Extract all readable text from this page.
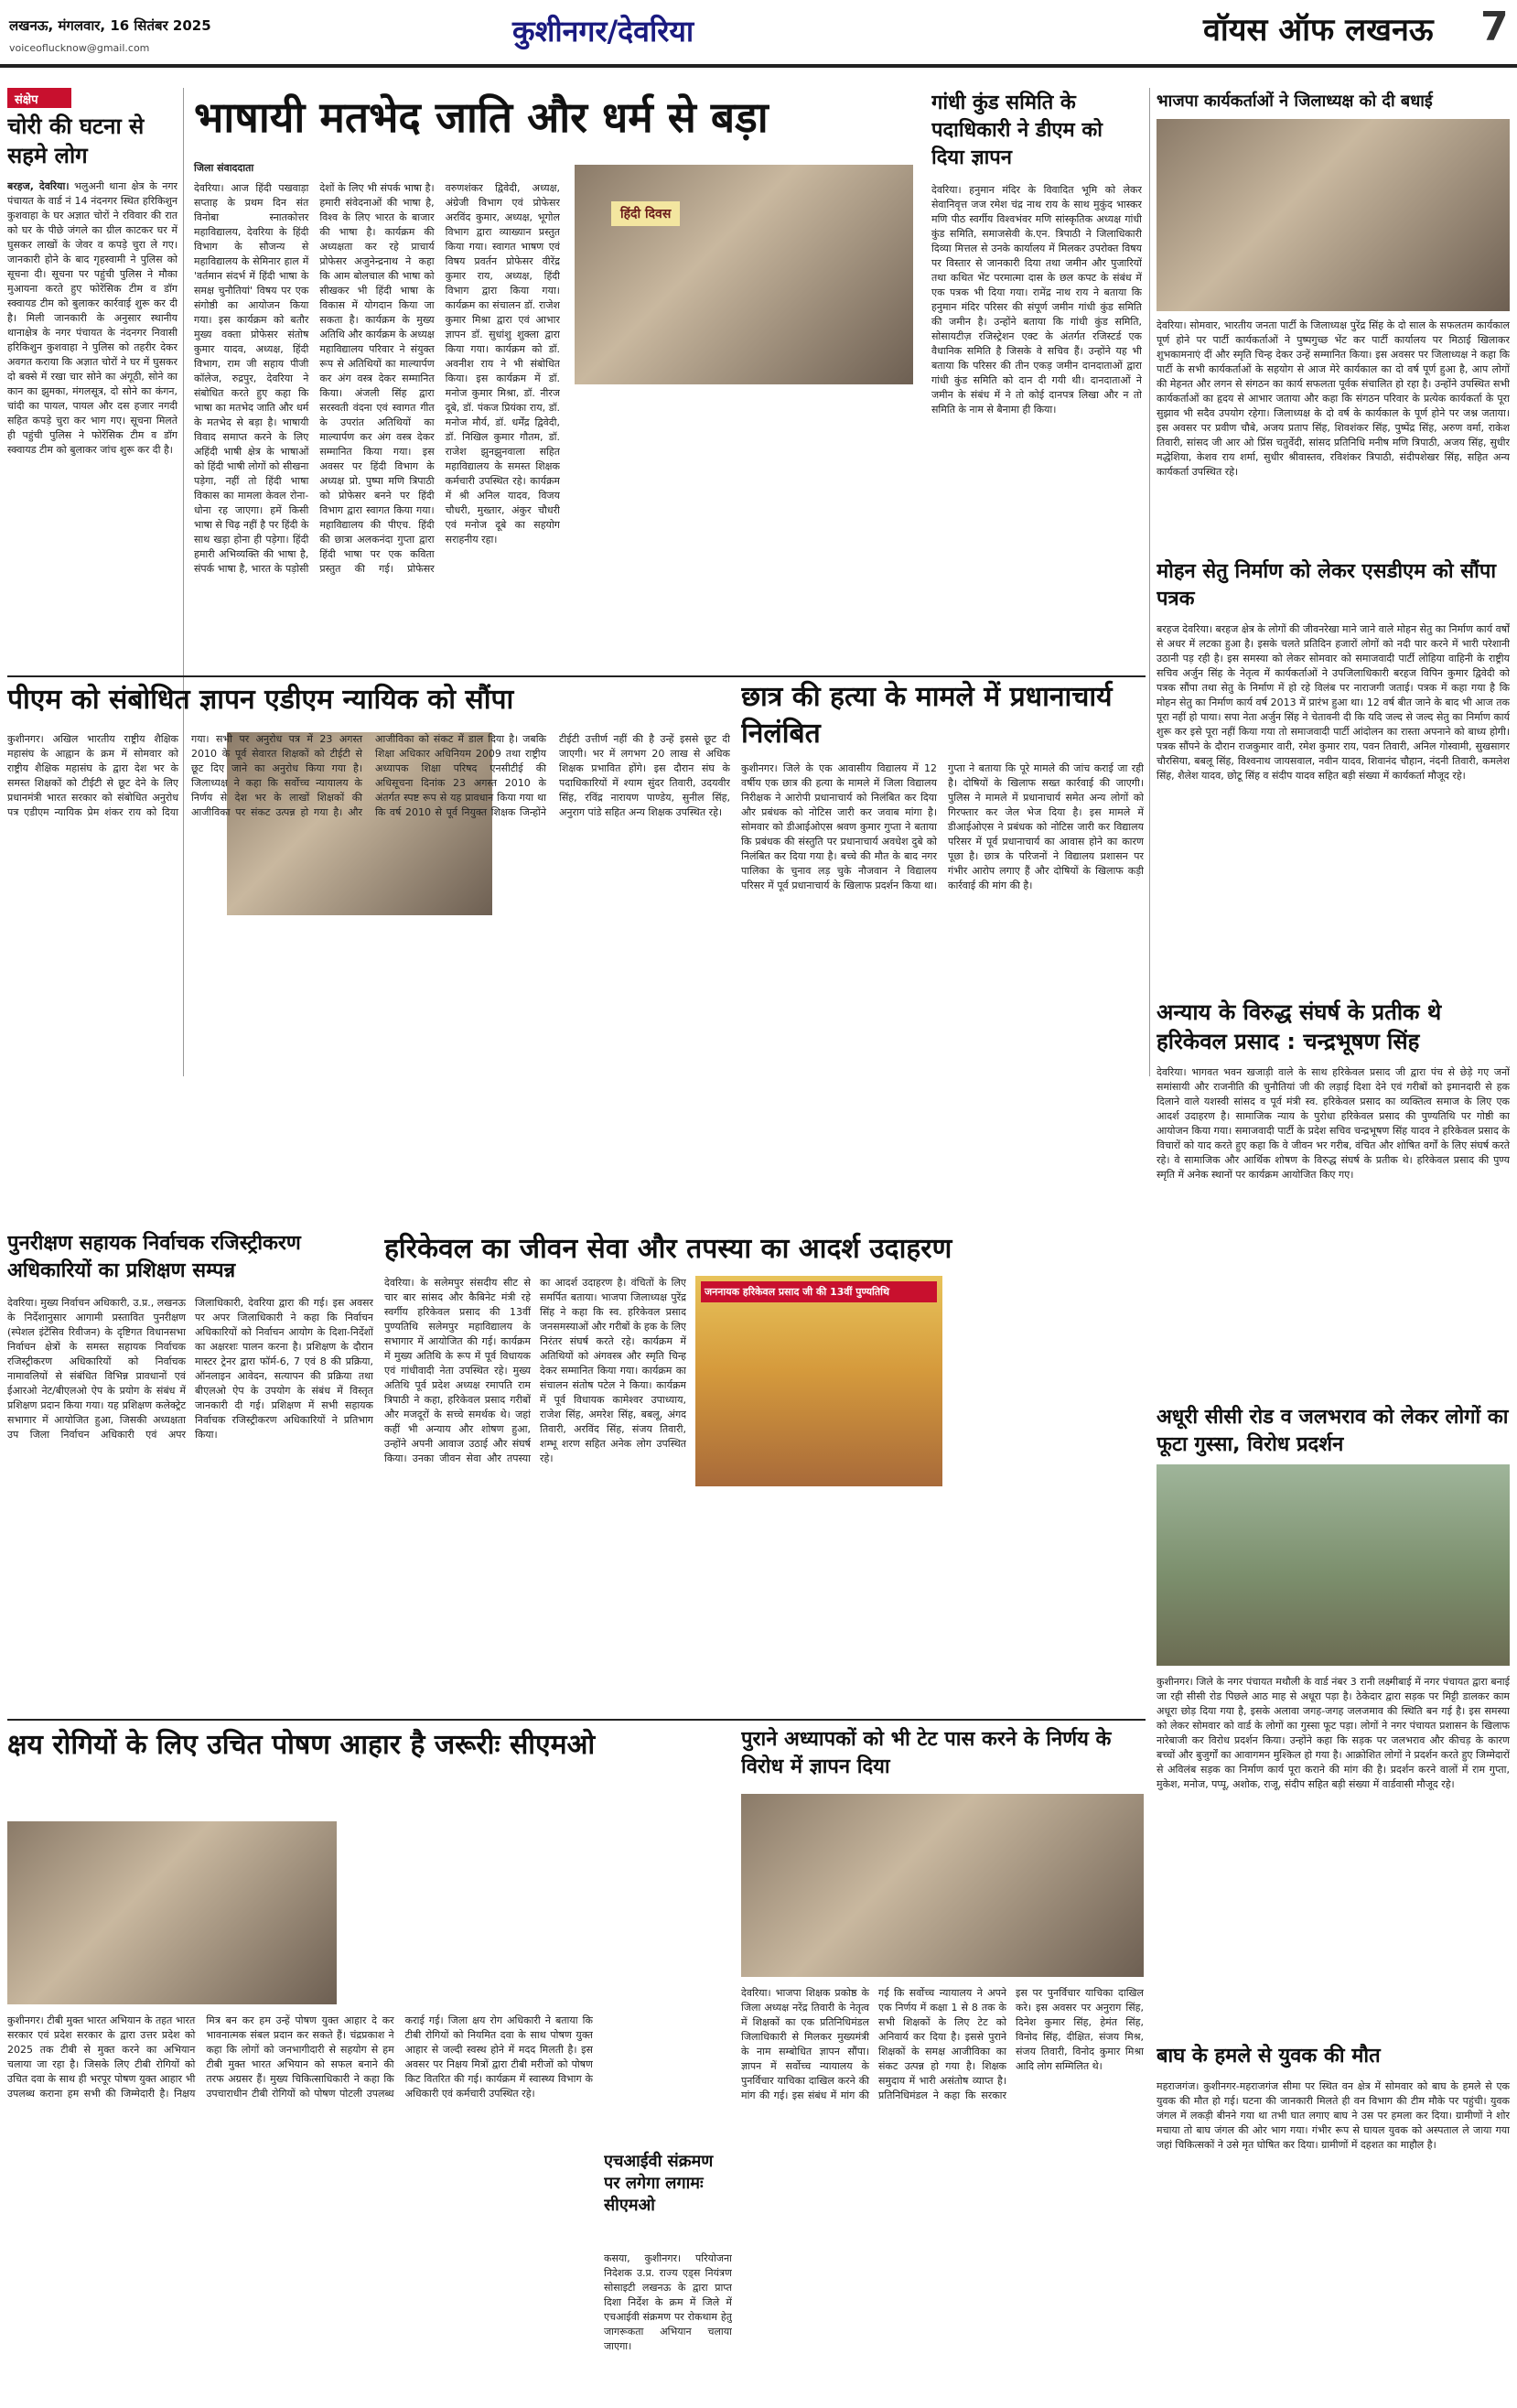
लखनऊ, मंगलवार, 16 सितंबर 2025
voiceoflucknow@gmail.com	कुशीनगर/देवरिया	वॉयस ऑफ लखनऊ 7
संक्षेप
चोरी की घटना से सहमे लोग
बरहज, देवरिया। भलुअनी थाना क्षेत्र के नगर पंचायत के वार्ड नं 14 नंदनगर स्थित हरिकिशुन कुशवाहा के घर अज्ञात चोरों ने रविवार की रात को घर के पीछे जंगले का ग्रील काटकर घर में घुसकर लाखों के जेवर व कपड़े चुरा ले गए। जानकारी होने के बाद गृहस्वामी ने पुलिस को सूचना दी। सूचना पर पहुंची पुलिस ने मौका मुआयना करते हुए फोरेंसिक टीम व डॉग स्क्वायड टीम को बुलाकर कार्रवाई शुरू कर दी है। मिली जानकारी के अनुसार स्थानीय थानाक्षेत्र के नगर पंचायत के नंदनगर निवासी हरिकिशुन कुशवाहा ने पुलिस को तहरीर देकर अवगत कराया कि अज्ञात चोरों ने घर में घुसकर दो बक्से में रखा चार सोने का अंगूठी, सोने का कान का झुमका, मंगलसूत्र, दो सोने का कंगन, चांदी का पायल, पायल और दस हजार नगदी सहित कपड़े चुरा कर भाग गए। सूचना मिलते ही पहुंची पुलिस ने फोरेंसिक टीम व डॉग स्क्वायड टीम को बुलाकर जांच शुरू कर दी है।
भाषायी मतभेद जाति और धर्म से बड़ा
जिला संवाददाता
देवरिया। आज हिंदी पखवाड़ा सप्ताह के प्रथम दिन संत विनोबा स्नातकोत्तर महाविद्यालय, देवरिया के हिंदी विभाग के सौजन्य से महाविद्यालय के सेमिनार हाल में 'वर्तमान संदर्भ में हिंदी भाषा के समक्ष चुनौतियां' विषय पर एक संगोष्ठी का आयोजन किया गया। इस कार्यक्रम को बतौर मुख्य वक्ता प्रोफेसर संतोष कुमार यादव, अध्यक्ष, हिंदी विभाग, राम जी सहाय पीजी कॉलेज, रुद्रपुर, देवरिया ने संबोधित करते हुए कहा कि भाषा का मतभेद जाति और धर्म के मतभेद से बड़ा है। भाषायी विवाद समाप्त करने के लिए अहिंदी भाषी क्षेत्र के भाषाओं को हिंदी भाषी लोगों को सीखना पड़ेगा, नहीं तो हिंदी भाषा विकास का मामला केवल रोना-धोना रह जाएगा। हमें किसी भाषा से चिढ़ नहीं है पर हिंदी के साथ खड़ा होना ही पड़ेगा। हिंदी हमारी अभिव्यक्ति की भाषा है, संपर्क भाषा है, भारत के पड़ोसी देशों के लिए भी संपर्क भाषा है। हमारी संवेदनाओं की भाषा है, विश्व के लिए भारत के बाजार की भाषा है। कार्यक्रम की अध्यक्षता कर रहे प्राचार्य प्रोफेसर अजुनेन्द्रनाथ ने कहा कि आम बोलचाल की भाषा को सीखकर भी हिंदी भाषा के विकास में योगदान किया जा सकता है। कार्यक्रम के मुख्य अतिथि और कार्यक्रम के अध्यक्ष महाविद्यालय परिवार ने संयुक्त रूप से अतिथियों का माल्यार्पण कर अंग वस्त्र देकर सम्मानित किया। अंजली सिंह द्वारा सरस्वती वंदना एवं स्वागत गीत के उपरांत अतिथियों का माल्यार्पण कर अंग वस्त्र देकर सम्मानित किया गया। इस अवसर पर हिंदी विभाग के अध्यक्ष प्रो. पुष्पा मणि त्रिपाठी को प्रोफेसर बनने पर हिंदी विभाग द्वारा स्वागत किया गया। महाविद्यालय की पीएच. हिंदी की छात्रा अलकनंदा गुप्ता द्वारा हिंदी भाषा पर एक कविता प्रस्तुत की गई। प्रोफेसर वरुणशंकर द्विवेदी, अध्यक्ष, अंग्रेजी विभाग एवं प्रोफेसर अरविंद कुमार, अध्यक्ष, भूगोल विभाग द्वारा व्याख्यान प्रस्तुत किया गया। स्वागत भाषण एवं विषय प्रवर्तन प्रोफेसर वीरेंद्र कुमार राय, अध्यक्ष, हिंदी विभाग द्वारा किया गया। कार्यक्रम का संचालन डॉ. राजेश कुमार मिश्रा द्वारा एवं आभार ज्ञापन डॉ. सुधांशु शुक्ला द्वारा किया गया। कार्यक्रम को डॉ. अवनीश राय ने भी संबोधित किया। इस कार्यक्रम में डॉ. मनोज कुमार मिश्रा, डॉ. नीरज दूबे, डॉ. पंकज प्रियंका राय, डॉ. मनोज मौर्य, डॉ. धर्मेंद्र द्विवेदी, डॉ. निखिल कुमार गौतम, डॉ. राजेश झुनझुनवाला सहित महाविद्यालय के समस्त शिक्षक कर्मचारी उपस्थित रहे। कार्यक्रम में श्री अनिल यादव, विजय चौधरी, मुख्तार, अंकुर चौधरी एवं मनोज दूबे का सहयोग सराहनीय रहा।
हिंदी दिवस
गांधी कुंड समिति के पदाधिकारी ने डीएम को दिया ज्ञापन
देवरिया। हनुमान मंदिर के विवादित भूमि को लेकर सेवानिवृत्त जज रमेश चंद्र नाथ राय के साथ मुकुंद भास्कर मणि पीठ स्वर्गीय विश्वभंवर मणि सांस्कृतिक अध्यक्ष गांधी कुंड समिति, समाजसेवी के.एन. त्रिपाठी ने जिलाधिकारी दिव्या मित्तल से उनके कार्यालय में मिलकर उपरोक्त विषय पर विस्तार से जानकारी दिया तथा जमीन और पुजारियों तथा कथित भेंट परमात्मा दास के छल कपट के संबंध में एक पत्रक भी दिया गया। रामेंद्र नाथ राय ने बताया कि हनुमान मंदिर परिसर की संपूर्ण जमीन गांधी कुंड समिति की जमीन है। उन्होंने बताया कि गांधी कुंड समिति, सोसायटीज़ रजिस्ट्रेशन एक्ट के अंतर्गत रजिस्टर्ड एक वैधानिक समिति है जिसके वे सचिव हैं। उन्होंने यह भी बताया कि परिसर की तीन एकड़ जमीन दानदाताओं द्वारा गांधी कुंड समिति को दान दी गयी थी। दानदाताओं ने जमीन के संबंध में ने तो कोई दानपत्र लिखा और न तो समिति के नाम से बैनामा ही किया।
भाजपा कार्यकर्ताओं ने जिलाध्यक्ष को दी बधाई
देवरिया। सोमवार, भारतीय जनता पार्टी के जिलाध्यक्ष पुरेंद्र सिंह के दो साल के सफलतम कार्यकाल पूर्ण होने पर पार्टी कार्यकर्ताओं ने पुष्पगुच्छ भेंट कर पार्टी कार्यालय पर मिठाई खिलाकर शुभकामनाएं दीं और स्मृति चिन्ह देकर उन्हें सम्मानित किया। इस अवसर पर जिलाध्यक्ष ने कहा कि पार्टी के सभी कार्यकर्ताओं के सहयोग से आज मेरे कार्यकाल का दो वर्ष पूर्ण हुआ है, आप लोगों की मेहनत और लगन से संगठन का कार्य सफलता पूर्वक संचालित हो रहा है। उन्होंने उपस्थित सभी कार्यकर्ताओं का हृदय से आभार जताया और कहा कि संगठन परिवार के प्रत्येक कार्यकर्ता के पूरा सुझाव भी सदैव उपयोग रहेगा। जिलाध्यक्ष के दो वर्ष के कार्यकाल के पूर्ण होने पर जश्न जताया। इस अवसर पर प्रवीण चौबे, अजय प्रताप सिंह, शिवशंकर सिंह, पुष्पेंद्र सिंह, अरुण वर्मा, राकेश तिवारी, सांसद जी आर ओ प्रिंस चतुर्वेदी, सांसद प्रतिनिधि मनीष मणि त्रिपाठी, अजय सिंह, सुधीर मद्धेशिया, केशव राय शर्मा, सुधीर श्रीवास्तव, रविशंकर त्रिपाठी, संदीपशेखर सिंह, सहित अन्य कार्यकर्ता उपस्थित रहे।
मोहन सेतु निर्माण को लेकर एसडीएम को सौंपा पत्रक
बरहज देवरिया। बरहज क्षेत्र के लोगों की जीवनरेखा माने जाने वाले मोहन सेतु का निर्माण कार्य वर्षों से अधर में लटका हुआ है। इसके चलते प्रतिदिन हजारों लोगों को नदी पार करने में भारी परेशानी उठानी पड़ रही है। इस समस्या को लेकर सोमवार को समाजवादी पार्टी लोहिया वाहिनी के राष्ट्रीय सचिव अर्जुन सिंह के नेतृत्व में कार्यकर्ताओं ने उपजिलाधिकारी बरहज विपिन कुमार द्विवेदी को पत्रक सौंपा तथा सेतु के निर्माण में हो रहे विलंब पर नाराजगी जताई। पत्रक में कहा गया है कि मोहन सेतु का निर्माण कार्य वर्ष 2013 में प्रारंभ हुआ था। 12 वर्ष बीत जाने के बाद भी आज तक पूरा नहीं हो पाया। सपा नेता अर्जुन सिंह ने चेतावनी दी कि यदि जल्द से जल्द सेतु का निर्माण कार्य शुरू कर इसे पूरा नहीं किया गया तो समाजवादी पार्टी आंदोलन का रास्ता अपनाने को बाध्य होगी। पत्रक सौंपने के दौरान राजकुमार वारी, रमेश कुमार राय, पवन तिवारी, अनिल गोस्वामी, सुखसागर चौरसिया, बबलू सिंह, विश्वनाथ जायसवाल, नवीन यादव, शिवानंद चौहान, नंदनी तिवारी, कमलेश सिंह, शैलेश यादव, छोटू सिंह व संदीप यादव सहित बड़ी संख्या में कार्यकर्ता मौजूद रहे।
अन्याय के विरुद्ध संघर्ष के प्रतीक थे हरिकेवल प्रसाद : चन्द्रभूषण सिंह
देवरिया। भागवत भवन खजाड़ी वाले के साथ हरिकेवल प्रसाद जी द्वारा पंच से छेड़े गए जनों समांसायी और राजनीति की चुनौतियां जी की लड़ाई दिशा देने एवं गरीबों को इमानदारी से हक दिलाने वाले यशस्वी सांसद व पूर्व मंत्री स्व. हरिकेवल प्रसाद का व्यक्तित्व समाज के लिए एक आदर्श उदाहरण है। सामाजिक न्याय के पुरोधा हरिकेवल प्रसाद की पुण्यतिथि पर गोष्ठी का आयोजन किया गया। समाजवादी पार्टी के प्रदेश सचिव चन्द्रभूषण सिंह यादव ने हरिकेवल प्रसाद के विचारों को याद करते हुए कहा कि वे जीवन भर गरीब, वंचित और शोषित वर्गों के लिए संघर्ष करते रहे। वे सामाजिक और आर्थिक शोषण के विरुद्ध संघर्ष के प्रतीक थे। हरिकेवल प्रसाद की पुण्य स्मृति में अनेक स्थानों पर कार्यक्रम आयोजित किए गए।
अधूरी सीसी रोड व जलभराव को लेकर लोगों का फूटा गुस्सा, विरोध प्रदर्शन
कुशीनगर। जिले के नगर पंचायत मथौली के वार्ड नंबर 3 रानी लक्ष्मीबाई में नगर पंचायत द्वारा बनाई जा रही सीसी रोड पिछले आठ माह से अधूरा पड़ा है। ठेकेदार द्वारा सड़क पर मिट्टी डालकर काम अधूरा छोड़ दिया गया है, इसके अलावा जगह-जगह जलजमाव की स्थिति बन गई है। इस समस्या को लेकर सोमवार को वार्ड के लोगों का गुस्सा फूट पड़ा। लोगों ने नगर पंचायत प्रशासन के खिलाफ नारेबाजी कर विरोध प्रदर्शन किया। उन्होंने कहा कि सड़क पर जलभराव और कीचड़ के कारण बच्चों और बुजुर्गों का आवागमन मुश्किल हो गया है। आक्रोशित लोगों ने प्रदर्शन करते हुए जिम्मेदारों से अविलंब सड़क का निर्माण कार्य पूरा कराने की मांग की है। प्रदर्शन करने वालों में राम गुप्ता, मुकेश, मनोज, पप्पू, अशोक, राजू, संदीप सहित बड़ी संख्या में वार्डवासी मौजूद रहे।
बाघ के हमले से युवक की मौत
महराजगंज। कुशीनगर-महराजगंज सीमा पर स्थित वन क्षेत्र में सोमवार को बाघ के हमले से एक युवक की मौत हो गई। घटना की जानकारी मिलते ही वन विभाग की टीम मौके पर पहुंची। युवक जंगल में लकड़ी बीनने गया था तभी घात लगाए बाघ ने उस पर हमला कर दिया। ग्रामीणों ने शोर मचाया तो बाघ जंगल की ओर भाग गया। गंभीर रूप से घायल युवक को अस्पताल ले जाया गया जहां चिकित्सकों ने उसे मृत घोषित कर दिया। ग्रामीणों में दहशत का माहौल है।
पीएम को संबोधित ज्ञापन एडीएम न्यायिक को सौंपा
कुशीनगर। अखिल भारतीय राष्ट्रीय शैक्षिक महासंघ के आह्वान के क्रम में सोमवार को राष्ट्रीय शैक्षिक महासंघ के द्वारा देश भर के समस्त शिक्षकों को टीईटी से छूट देने के लिए प्रधानमंत्री भारत सरकार को संबोधित अनुरोध पत्र एडीएम न्यायिक प्रेम शंकर राय को दिया गया। सभी पर अनुरोध पत्र में 23 अगस्त 2010 के पूर्व सेवारत शिक्षकों को टीईटी से छूट दिए जाने का अनुरोध किया गया है। जिलाध्यक्ष ने कहा कि सर्वोच्च न्यायालय के निर्णय से देश भर के लाखों शिक्षकों की आजीविका पर संकट उत्पन्न हो गया है। और आजीविका को संकट में डाल दिया है। जबकि शिक्षा अधिकार अधिनियम 2009 तथा राष्ट्रीय अध्यापक शिक्षा परिषद एनसीटीई की अधिसूचना दिनांक 23 अगस्त 2010 के अंतर्गत स्पष्ट रूप से यह प्रावधान किया गया था कि वर्ष 2010 से पूर्व नियुक्त शिक्षक जिन्होंने टीईटी उत्तीर्ण नहीं की है उन्हें इससे छूट दी जाएगी। भर में लगभग 20 लाख से अधिक शिक्षक प्रभावित होंगे। इस दौरान संघ के पदाधिकारियों में श्याम सुंदर तिवारी, उदयवीर सिंह, रविंद्र नारायण पाण्डेय, सुनील सिंह, अनुराग पांडे सहित अन्य शिक्षक उपस्थित रहे।
छात्र की हत्या के मामले में प्रधानाचार्य निलंबित
कुशीनगर। जिले के एक आवासीय विद्यालय में 12 वर्षीय एक छात्र की हत्या के मामले में जिला विद्यालय निरीक्षक ने आरोपी प्रधानाचार्य को निलंबित कर दिया और प्रबंधक को नोटिस जारी कर जवाब मांगा है। सोमवार को डीआईओएस श्रवण कुमार गुप्ता ने बताया कि प्रबंधक की संस्तुति पर प्रधानाचार्य अवधेश दुबे को निलंबित कर दिया गया है। बच्चे की मौत के बाद नगर पालिका के चुनाव लड़ चुके नौजवान ने विद्यालय परिसर में पूर्व प्रधानाचार्य के खिलाफ प्रदर्शन किया था। गुप्ता ने बताया कि पूरे मामले की जांच कराई जा रही है। दोषियों के खिलाफ सख्त कार्रवाई की जाएगी। पुलिस ने मामले में प्रधानाचार्य समेत अन्य लोगों को गिरफ्तार कर जेल भेज दिया है। इस मामले में डीआईओएस ने प्रबंधक को नोटिस जारी कर विद्यालय परिसर में पूर्व प्रधानाचार्य का आवास होने का कारण पूछा है। छात्र के परिजनों ने विद्यालय प्रशासन पर गंभीर आरोप लगाए हैं और दोषियों के खिलाफ कड़ी कार्रवाई की मांग की है।
पुनरीक्षण सहायक निर्वाचक रजिस्ट्रीकरण अधिकारियों का प्रशिक्षण सम्पन्न
देवरिया। मुख्य निर्वाचन अधिकारी, उ.प्र., लखनऊ के निर्देशानुसार आगामी प्रस्तावित पुनरीक्षण (स्पेशल इंटेंसिव रिवीजन) के दृष्टिगत विधानसभा निर्वाचन क्षेत्रों के समस्त सहायक निर्वाचक रजिस्ट्रीकरण अधिकारियों को निर्वाचक नामावलियों से संबंधित विभिन्न प्रावधानों एवं ईआरओ नेट/बीएलओ ऐप के प्रयोग के संबंध में प्रशिक्षण प्रदान किया गया। यह प्रशिक्षण कलेक्ट्रेट सभागार में आयोजित हुआ, जिसकी अध्यक्षता उप जिला निर्वाचन अधिकारी एवं अपर जिलाधिकारी, देवरिया द्वारा की गई। इस अवसर पर अपर जिलाधिकारी ने कहा कि निर्वाचन अधिकारियों को निर्वाचन आयोग के दिशा-निर्देशों का अक्षरशः पालन करना है। प्रशिक्षण के दौरान मास्टर ट्रेनर द्वारा फॉर्म-6, 7 एवं 8 की प्रक्रिया, ऑनलाइन आवेदन, सत्यापन की प्रक्रिया तथा बीएलओ ऐप के उपयोग के संबंध में विस्तृत जानकारी दी गई। प्रशिक्षण में सभी सहायक निर्वाचक रजिस्ट्रीकरण अधिकारियों ने प्रतिभाग किया।
हरिकेवल का जीवन सेवा और तपस्या का आदर्श उदाहरण
जननायक हरिकेवल प्रसाद जी की 13वीं पुण्यतिथि
देवरिया। के सलेमपुर संसदीय सीट से चार बार सांसद और कैबिनेट मंत्री रहे स्वर्गीय हरिकेवल प्रसाद की 13वीं पुण्यतिथि सलेमपुर महाविद्यालय के सभागार में आयोजित की गई। कार्यक्रम में मुख्य अतिथि के रूप में पूर्व विधायक एवं गांधीवादी नेता उपस्थित रहे। मुख्य अतिथि पूर्व प्रदेश अध्यक्ष रमापति राम त्रिपाठी ने कहा, हरिकेवल प्रसाद गरीबों और मजदूरों के सच्चे समर्थक थे। जहां कहीं भी अन्याय और शोषण हुआ, उन्होंने अपनी आवाज उठाई और संघर्ष किया। उनका जीवन सेवा और तपस्या का आदर्श उदाहरण है। वंचितों के लिए समर्पित बताया। भाजपा जिलाध्यक्ष पुरेंद्र सिंह ने कहा कि स्व. हरिकेवल प्रसाद जनसमस्याओं और गरीबों के हक के लिए निरंतर संघर्ष करते रहे। कार्यक्रम में अतिथियों को अंगवस्त्र और स्मृति चिन्ह देकर सम्मानित किया गया। कार्यक्रम का संचालन संतोष पटेल ने किया। कार्यक्रम में पूर्व विधायक कामेश्वर उपाध्याय, राजेश सिंह, अमरेश सिंह, बबलू, अंगद तिवारी, अरविंद सिंह, संजय तिवारी, शम्भू शरण सहित अनेक लोग उपस्थित रहे।
क्षय रोगियों के लिए उचित पोषण आहार है जरूरीः सीएमओ
कुशीनगर। टीबी मुक्त भारत अभियान के तहत भारत सरकार एवं प्रदेश सरकार के द्वारा उत्तर प्रदेश को 2025 तक टीबी से मुक्त करने का अभियान चलाया जा रहा है। जिसके लिए टीबी रोगियों को उचित दवा के साथ ही भरपूर पोषण युक्त आहार भी उपलब्ध कराना हम सभी की जिम्मेदारी है। निक्षय मित्र बन कर हम उन्हें पोषण युक्त आहार दे कर भावनात्मक संबल प्रदान कर सकते हैं। चंद्रप्रकाश ने कहा कि लोगों को जनभागीदारी से सहयोग से हम टीबी मुक्त भारत अभियान को सफल बनाने की तरफ अग्रसर हैं। मुख्य चिकित्साधिकारी ने कहा कि उपचाराधीन टीबी रोगियों को पोषण पोटली उपलब्ध कराई गई। जिला क्षय रोग अधिकारी ने बताया कि टीबी रोगियों को नियमित दवा के साथ पोषण युक्त आहार से जल्दी स्वस्थ होने में मदद मिलती है। इस अवसर पर निक्षय मित्रों द्वारा टीबी मरीजों को पोषण किट वितरित की गई। कार्यक्रम में स्वास्थ्य विभाग के अधिकारी एवं कर्मचारी उपस्थित रहे।
एचआईवी संक्रमण पर लगेगा लगामः सीएमओ
कसया, कुशीनगर। परियोजना निदेशक उ.प्र. राज्य एड्स नियंत्रण सोसाइटी लखनऊ के द्वारा प्राप्त दिशा निर्देश के क्रम में जिले में एचआईवी संक्रमण पर रोकथाम हेतु जागरूकता अभियान चलाया जाएगा।
पुराने अध्यापकों को भी टेट पास करने के निर्णय के विरोध में ज्ञापन दिया
देवरिया। भाजपा शिक्षक प्रकोष्ठ के जिला अध्यक्ष नरेंद्र तिवारी के नेतृत्व में शिक्षकों का एक प्रतिनिधिमंडल जिलाधिकारी से मिलकर मुख्यमंत्री के नाम सम्बोधित ज्ञापन सौंपा। ज्ञापन में सर्वोच्च न्यायालय के पुनर्विचार याचिका दाखिल करने की मांग की गई। इस संबंध में मांग की गई कि सर्वोच्च न्यायालय ने अपने एक निर्णय में कक्षा 1 से 8 तक के सभी शिक्षकों के लिए टेट को अनिवार्य कर दिया है। इससे पुराने शिक्षकों के समक्ष आजीविका का संकट उत्पन्न हो गया है। शिक्षक समुदाय में भारी असंतोष व्याप्त है। प्रतिनिधिमंडल ने कहा कि सरकार इस पर पुनर्विचार याचिका दाखिल करे। इस अवसर पर अनुराग सिंह, दिनेश कुमार सिंह, हेमंत सिंह, विनोद सिंह, दीक्षित, संजय मिश्र, संजय तिवारी, विनोद कुमार मिश्रा आदि लोग सम्मिलित थे।
